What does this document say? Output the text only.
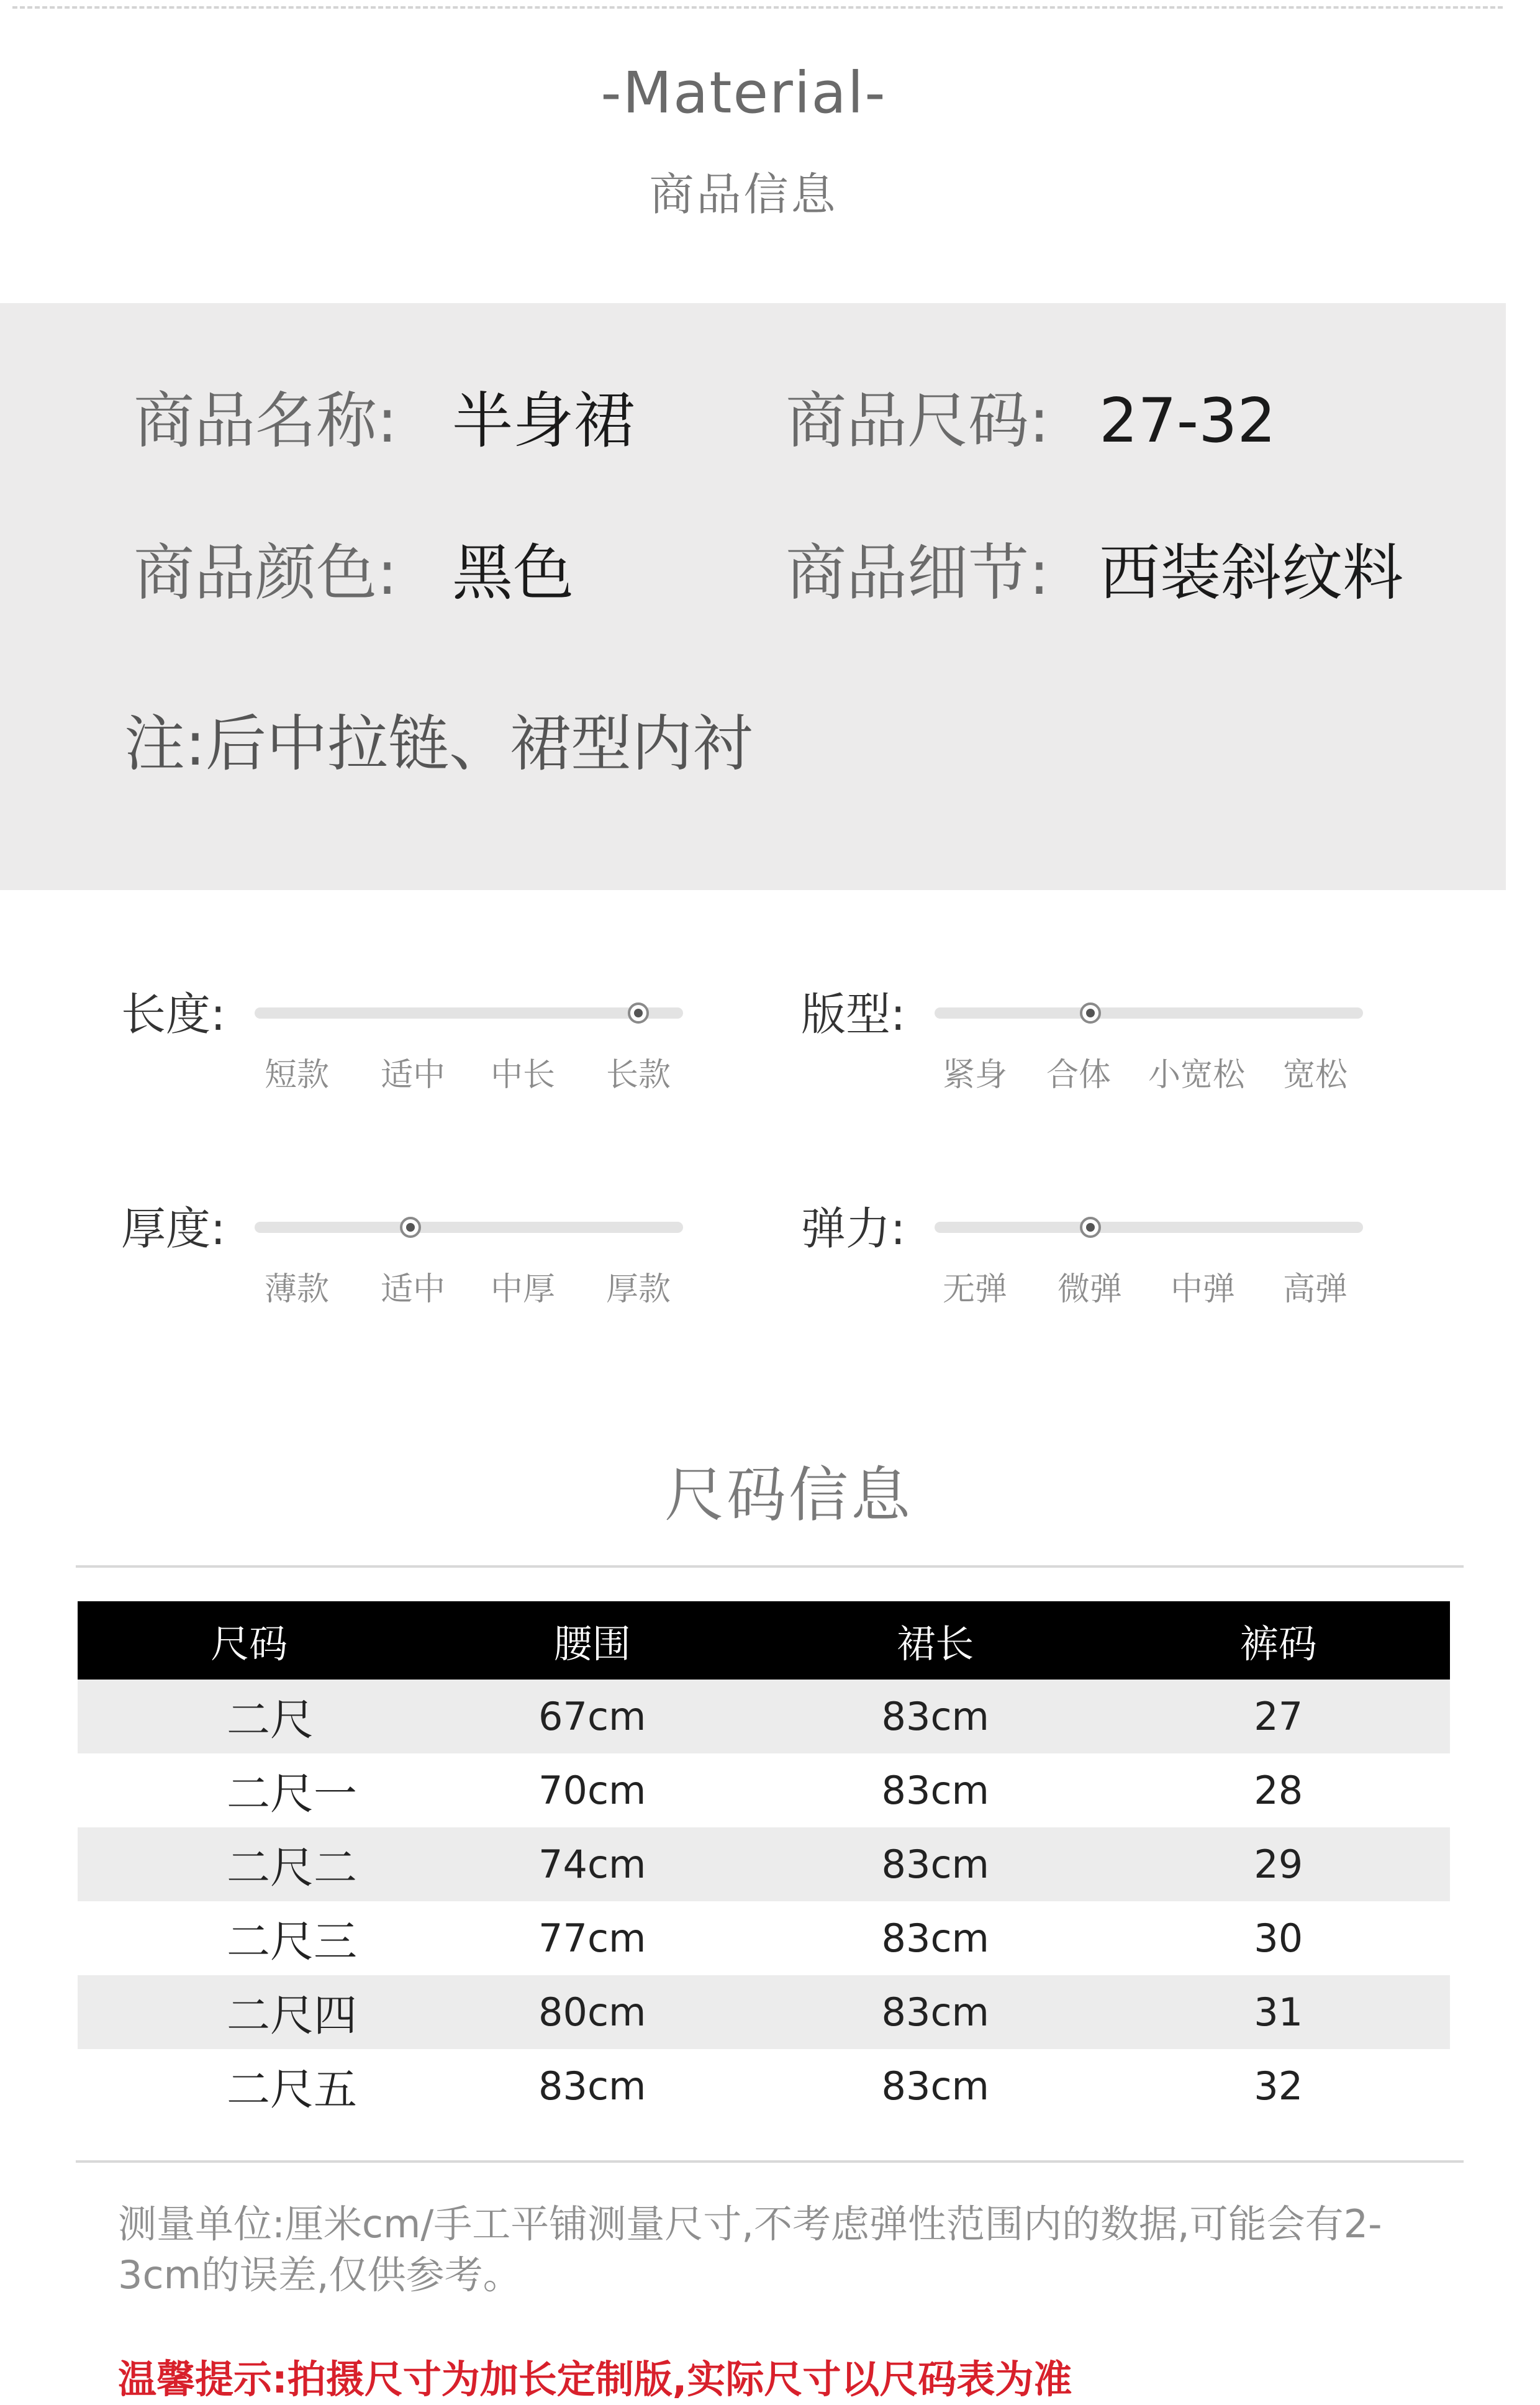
-Material-
商品信息
商品名称: 半身裙 商品尺码: 27-32
商品颜色: 黑色	商品细节: 西装斜纹料
注:后中拉链、裙型内衬
长度:
短款	适中	中长	长款
版型:
紧身	合体	小宽松	宽松
厚度:
薄款	适中	中厚	厚款
弹力:
无弹	微弹	中弹	高弹
尺码信息
尺码	腰围	裙长	裤码
二尺	67cm	83cm	27
二尺一	70cm	83cm	28
二尺二	74cm	83cm	29
二尺三	77cm	83cm	30
二尺四	80cm	83cm	31
二尺五	83cm	83cm	32
测量单位:厘米cm/手工平铺测量尺寸,不考虑弹性范围内的数据,可能会有2-3cm的误差,仅供参考。
温馨提示:拍摄尺寸为加长定制版,实际尺寸以尺码表为准
